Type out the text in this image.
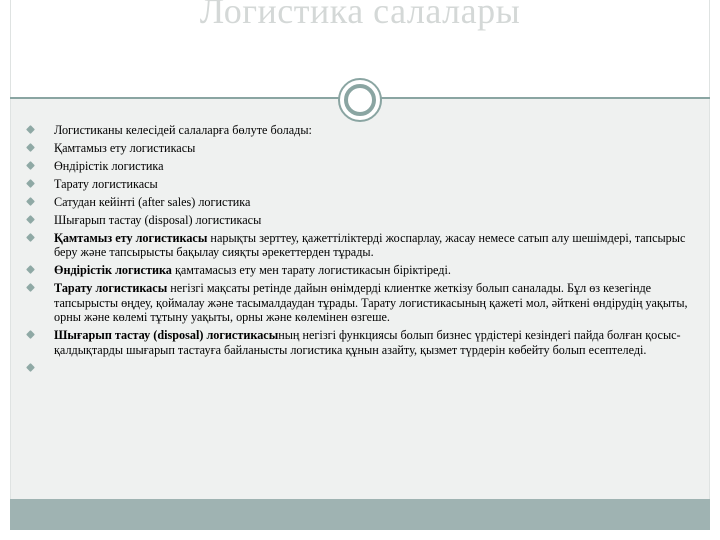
Логистика салалары
Логистиканы келесідей салаларға бөлуте болады:
Қамтамыз ету логистикасы
Өндірістік логистика
Тарату логистикасы
Сатудан кейінті (after sales) логистика
Шығарып тастау (disposal) логистикасы
Қамтамыз ету логистикасы нарықты зерттеу, қажеттіліктерді жоспарлау, жасау немесе сатып алу шешімдері, тапсырыс беру және тапсырысты бақылау сияқты әрекеттерден тұрады.
Өндірістік логистика қамтамасыз ету мен тарату логистикасын біріктіреді.
Тарату логистикасы негізгі мақсаты ретінде дайын өнімдерді клиентке жеткізу болып саналады. Бұл өз кезегінде тапсырысты өңдеу, қоймалау және тасымалдаудан тұрады. Тарату логистикасының қажеті мол, әйткені өндірудің уақыты, орны және көлемі тұтыну уақыты, орны және көлемінен өзгеше.
Шығарып тастау (disposal) логистикасының негізгі функциясы болып бизнес үрдістері кезіндегі пайда болған қосыс-қалдықтарды шығарып тастауға байланысты логистика құнын азайту, қызмет түрдерін көбейту болып есептеледі.
